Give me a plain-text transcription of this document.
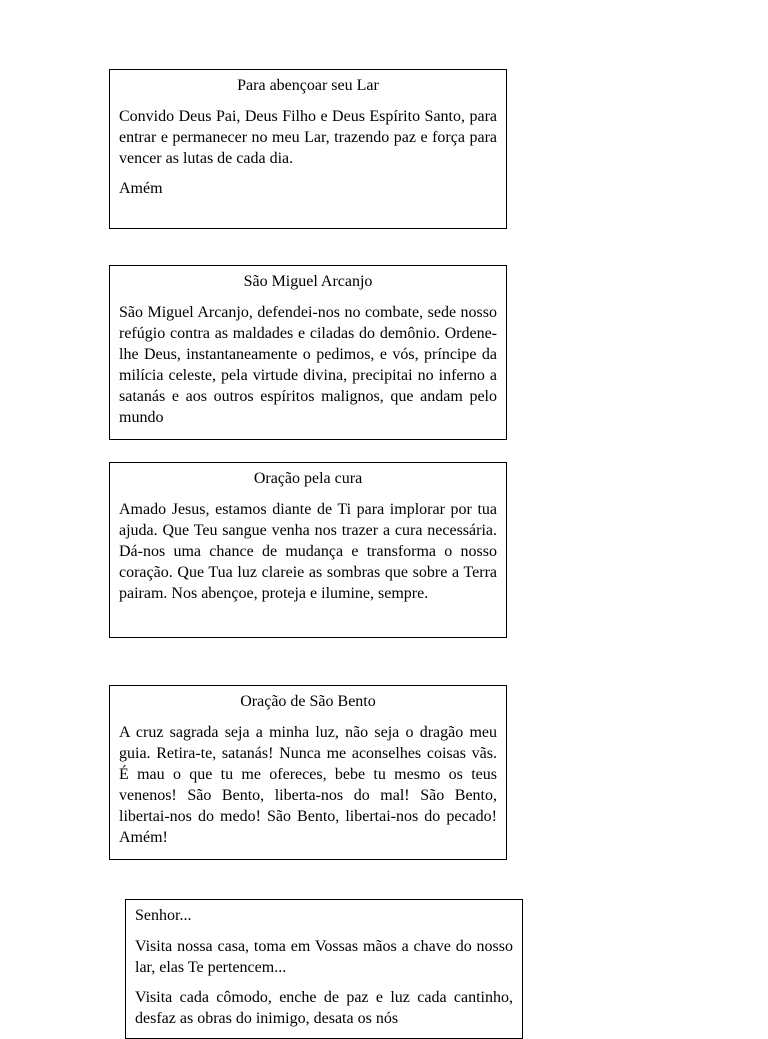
Para abençoar seu Lar

Convido Deus Pai, Deus Filho e Deus Espírito Santo, para entrar e permanecer no meu Lar, trazendo paz e força para vencer as lutas de cada dia.

Amém

São Miguel Arcanjo

São Miguel Arcanjo, defendei-nos no combate, sede nosso refúgio contra as maldades e ciladas do demônio. Ordene-lhe Deus, instantaneamente o pedimos, e vós, príncipe da milícia celeste, pela virtude divina, precipitai no inferno a satanás e aos outros espíritos malignos, que andam pelo mundo

Oração pela cura

Amado Jesus, estamos diante de Ti para implorar por tua ajuda. Que Teu sangue venha nos trazer a cura necessária. Dá-nos uma chance de mudança e transforma o nosso coração. Que Tua luz clareie as sombras que sobre a Terra pairam. Nos abençoe, proteja e ilumine, sempre.

Oração de São Bento

A cruz sagrada seja a minha luz, não seja o dragão meu guia. Retira-te, satanás! Nunca me aconselhes coisas vãs. É mau o que tu me ofereces, bebe tu mesmo os teus venenos! São Bento, liberta-nos do mal! São Bento, libertai-nos do medo! São Bento, libertai-nos do pecado! Amém!

Senhor...

Visita nossa casa, toma em Vossas mãos a chave do nosso lar, elas Te pertencem...

Visita cada cômodo, enche de paz e luz cada cantinho, desfaz as obras do inimigo, desata os nós
